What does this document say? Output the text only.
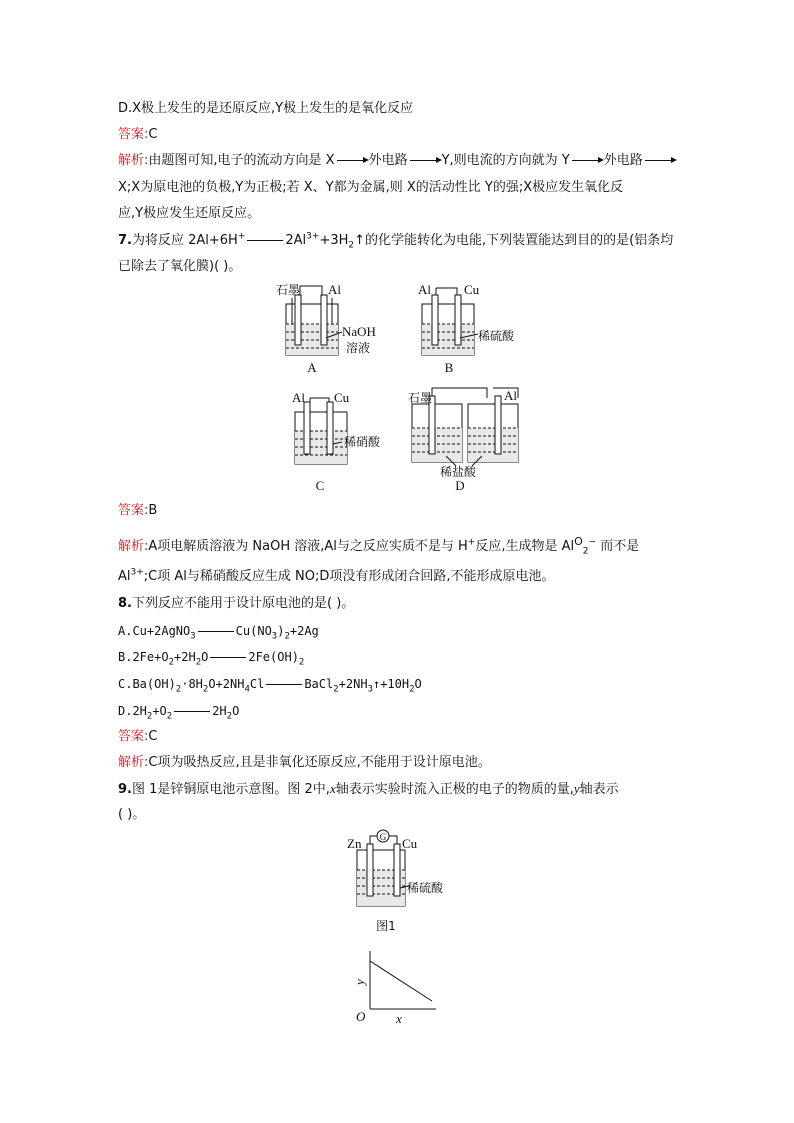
D.X极上发生的是还原反应,Y极上发生的是氧化反应
答案:C
解析:由题图可知,电子的流动方向是 X	外电路	Y,则电流的方向就为 Y	外电路
X;X为原电池的负极,Y为正极;若 X、Y都为金属,则 X的活动性比 Y的强;X极应发生氧化反
应,Y极应发生还原反应。
7.为将反应 2Al+6H+	$2Al^{3+}+3H_2↑$的化学能转化为电能,下列装置能达到目的的是(铝条均
已除去了氧化膜)( )。
石墨 Al
NaOH
溶液
A
Al	Cu
稀硫酸
B
Al Cu
稀硝酸
C
石墨	Al
稀盐酸
D
答案:B
解析:A项电解质溶液为 NaOH 溶液,Al与之反应实质不是与 H+反应,生成物是 $Al^O_2^-$ 而不是
$Al^{3+};C$项 Al与稀硝酸反应生成 NO;D项没有形成闭合回路,不能形成原电池。
8.下列反应不能用于设计原电池的是( )。
A.Cu+2AgNO$_3$	$Cu(NO_3)_2+2Ag$
$B.2Fe+O_2+2H_2O$	$2Fe(OH)_2$
$C.Ba(OH)_2\cdot 8H_2O+2NH_4Cl$	$BaCl_2+2NH_3↑+10H_2O$
$D.2H_2+O_2$	$2H_2O$
答案:C
解析:C项为吸热反应,且是非氧化还原反应,不能用于设计原电池。
9.图 1是锌铜原电池示意图。图 2中,x轴表示实验时流入正极的电子的物质的量,y轴表示
( )。
G
Zn	Cu
稀硫酸
图1
y
x
O
